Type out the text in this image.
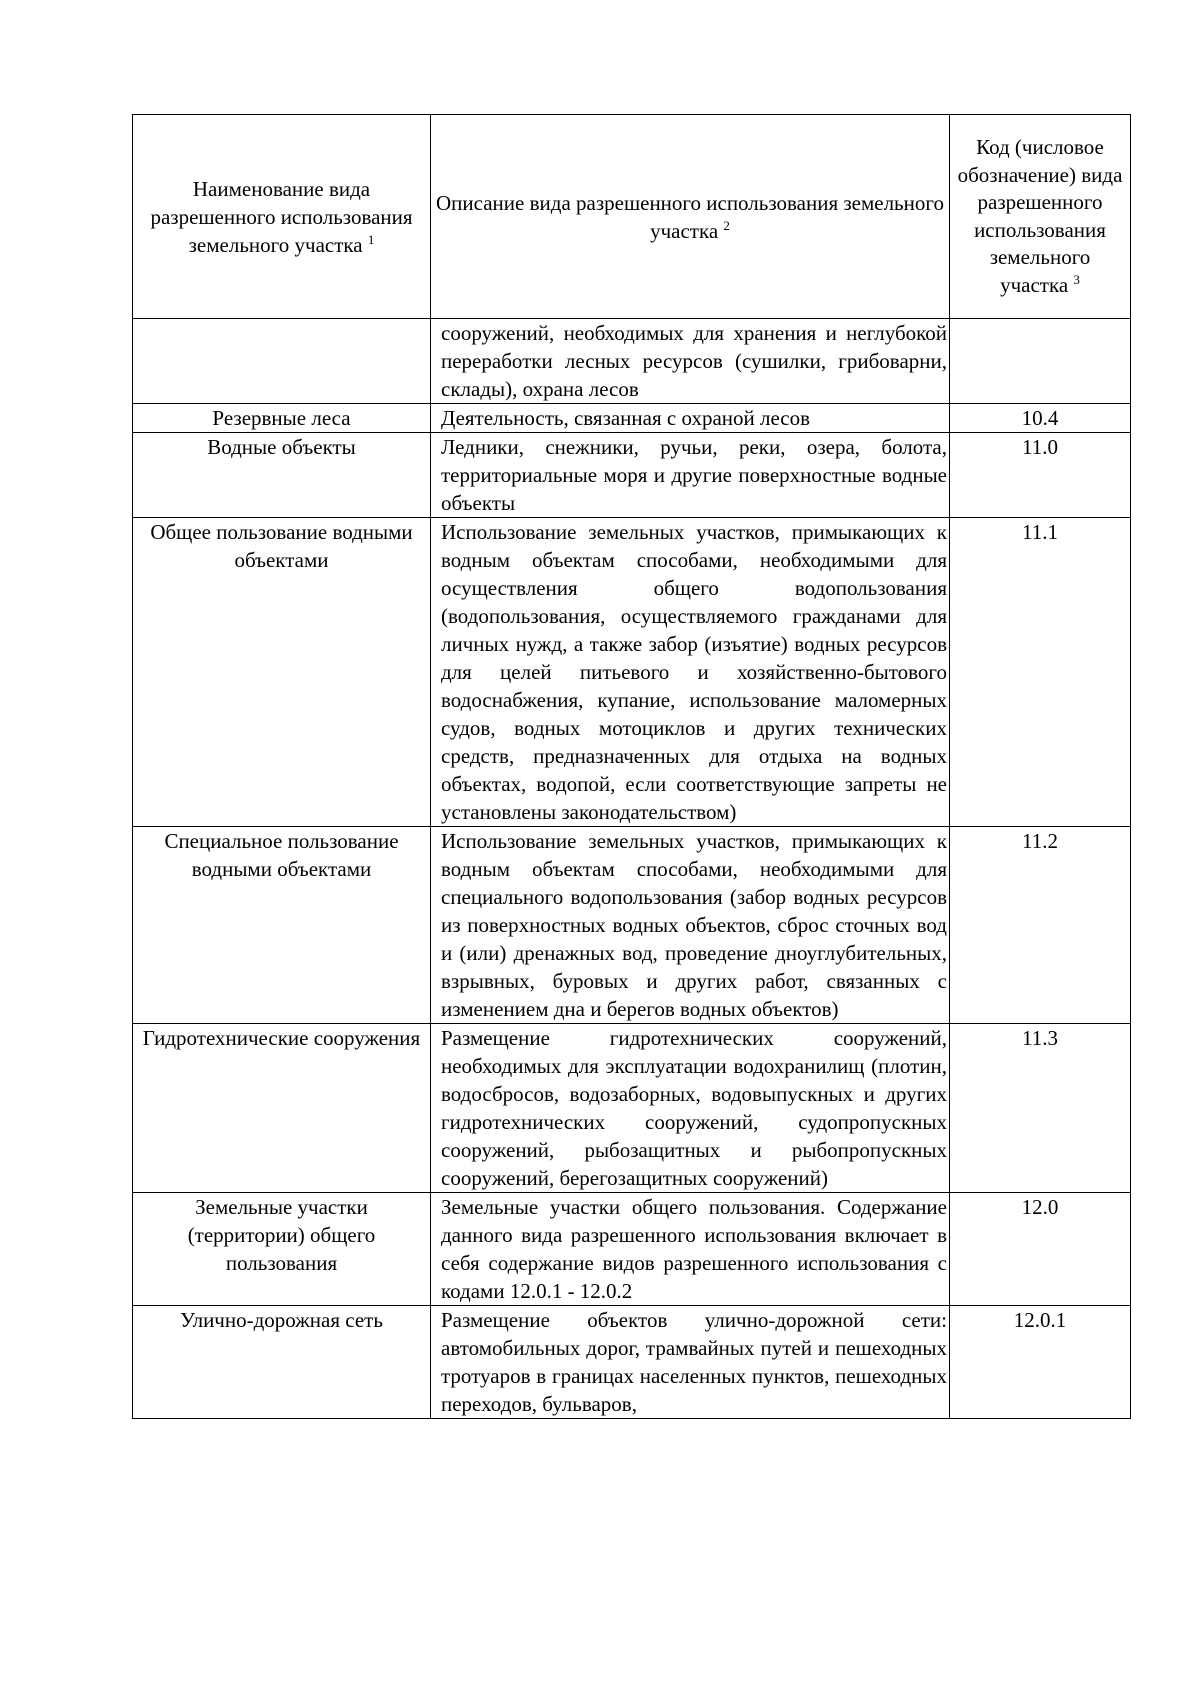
Наименование вида разрешенного использования земельного участка $^1$	Описание вида разрешенного использования земельного участка $^2$	Код (числовое обозначение) вида разрешенного использования земельного участка $^3$
	сооружений, необходимых для хранения и неглубокой переработки лесных ресурсов (сушилки, грибоварни, склады), охрана лесов	
Резервные леса	Деятельность, связанная с охраной лесов	10.4
Водные объекты	Ледники, снежники, ручьи, реки, озера, болота, территориальные моря и другие поверхностные водные объекты	11.0
Общее пользование водными объектами	Использование земельных участков, примыкающих к водным объектам способами, необходимыми для осуществления общего водопользования (водопользования, осуществляемого гражданами для личных нужд, а также забор (изъятие) водных ресурсов для целей питьевого и хозяйственно-бытового водоснабжения, купание, использование маломерных судов, водных мотоциклов и других технических средств, предназначенных для отдыха на водных объектах, водопой, если соответствующие запреты не установлены законодательством)	11.1
Специальное пользование водными объектами	Использование земельных участков, примыкающих к водным объектам способами, необходимыми для специального водопользования (забор водных ресурсов из поверхностных водных объектов, сброс сточных вод и (или) дренажных вод, проведение дноуглубительных, взрывных, буровых и других работ, связанных с изменением дна и берегов водных объектов)	11.2
Гидротехнические сооружения	Размещение гидротехнических сооружений, необходимых для эксплуатации водохранилищ (плотин, водосбросов, водозаборных, водовыпускных и других гидротехнических сооружений, судопропускных сооружений, рыбозащитных и рыбопропускных сооружений, берегозащитных сооружений)	11.3
Земельные участки (территории) общего пользования	Земельные участки общего пользования. Содержание данного вида разрешенного использования включает в себя содержание видов разрешенного использования с кодами 12.0.1 - 12.0.2	12.0
Улично-дорожная сеть	Размещение объектов улично-дорожной сети: автомобильных дорог, трамвайных путей и пешеходных тротуаров в границах населенных пунктов, пешеходных переходов, бульваров,	12.0.1
